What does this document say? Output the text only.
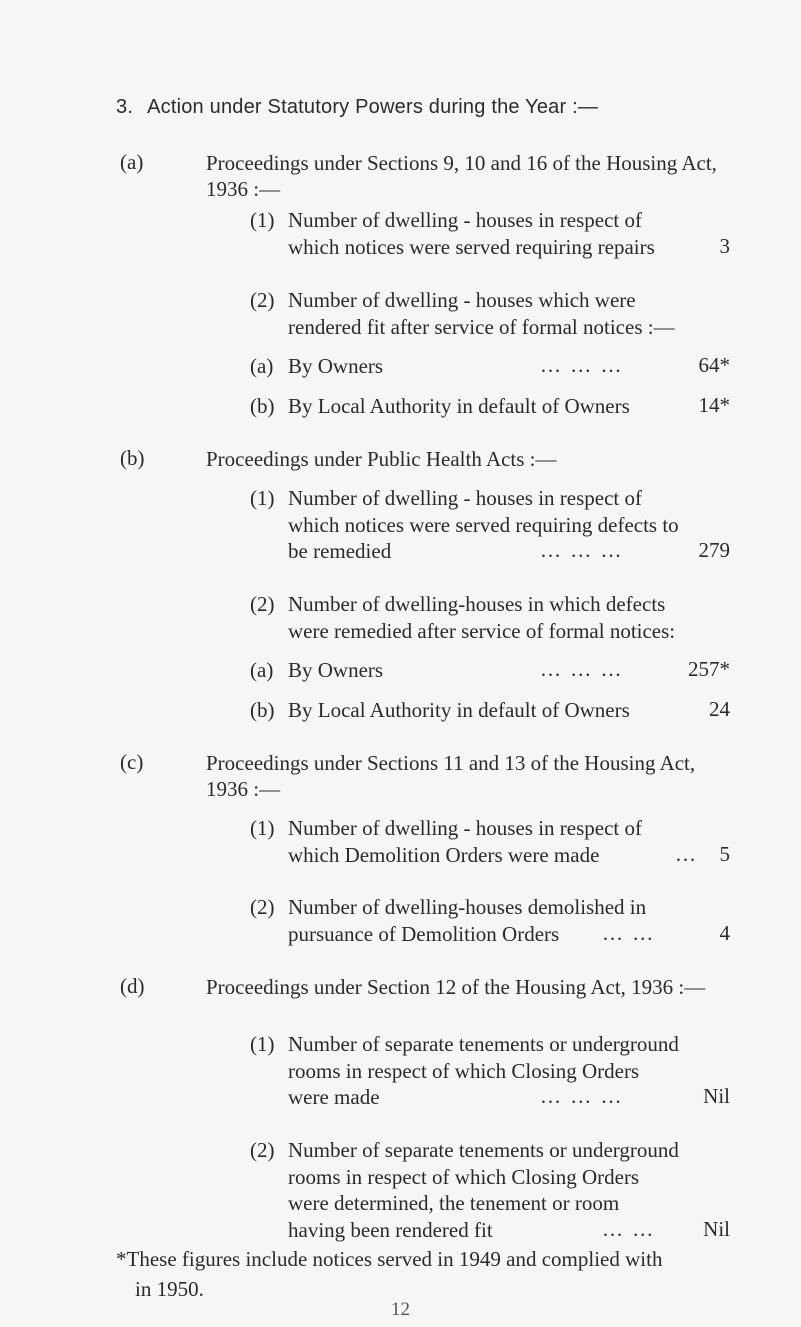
3. Action under Statutory Powers during the Year :—
(a)	Proceedings under Sections 9, 10 and 16 of the Housing Act, 1936 :—
(1) Number of dwelling - houses in respect of which notices were served requiring repairs	3
(2) Number of dwelling - houses which were rendered fit after service of formal notices :—
(a) By Owners	… … …	64*
(b) By Local Authority in default of Owners	14*
(b)	Proceedings under Public Health Acts :—
(1) Number of dwelling - houses in respect of which notices were served requiring defects to be remedied	… … …	279
(2) Number of dwelling-houses in which defects were remedied after service of formal notices:
(a) By Owners	… … …	257*
(b) By Local Authority in default of Owners	24
(c)	Proceedings under Sections 11 and 13 of the Housing Act, 1936 :—
(1) Number of dwelling - houses in respect of which Demolition Orders were made	… 5
(2) Number of dwelling-houses demolished in pursuance of Demolition Orders	… …	4
(d)	Proceedings under Section 12 of the Housing Act, 1936 :—
(1) Number of separate tenements or underground rooms in respect of which Closing Orders were made	… … …	Nil
(2) Number of separate tenements or underground rooms in respect of which Closing Orders were determined, the tenement or room having been rendered fit	… … Nil
*These figures include notices served in 1949 and complied with
in 1950.
12
